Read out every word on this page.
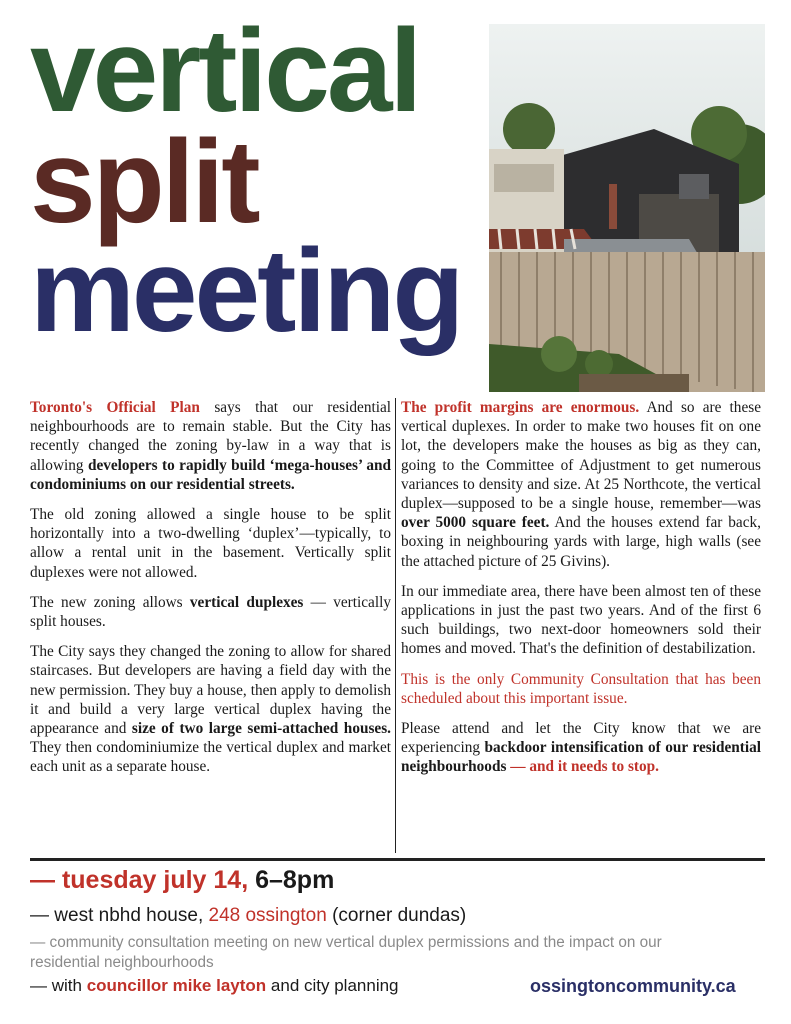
vertical
split
meeting

Toronto's Official Plan says that our residential neighbourhoods are to remain stable. But the City has recently changed the zoning by-law in a way that is allowing developers to rapidly build ‘mega-houses’ and condominiums on our residential streets.

The old zoning allowed a single house to be split horizontally into a two-dwelling ‘duplex’—typically, to allow a rental unit in the basement. Vertically split duplexes were not allowed.

The new zoning allows vertical duplexes — vertically split houses.

The City says they changed the zoning to allow for shared staircases. But developers are having a field day with the new permission. They buy a house, then apply to demolish it and build a very large vertical duplex having the appearance and size of two large semi-attached houses. They then condominiumize the vertical duplex and market each unit as a separate house.

The profit margins are enormous. And so are these vertical duplexes. In order to make two houses fit on one lot, the developers make the houses as big as they can, going to the Committee of Adjustment to get numerous variances to density and size. At 25 Northcote, the vertical duplex—supposed to be a single house, remember—was over 5000 square feet. And the houses extend far back, boxing in neighbouring yards with large, high walls (see the attached picture of 25 Givins).

In our immediate area, there have been almost ten of these applications in just the past two years. And of the first 6 such buildings, two next-door homeowners sold their homes and moved. That's the definition of destabilization.

This is the only Community Consultation that has been scheduled about this important issue.

Please attend and let the City know that we are experiencing backdoor intensification of our residential neighbourhoods — and it needs to stop.

— tuesday july 14, 6–8pm
— west nbhd house, 248 ossington (corner dundas)
— community consultation meeting on new vertical duplex permissions and the impact on our residential neighbourhoods
— with councillor mike layton and city planning	ossingtoncommunity.ca
